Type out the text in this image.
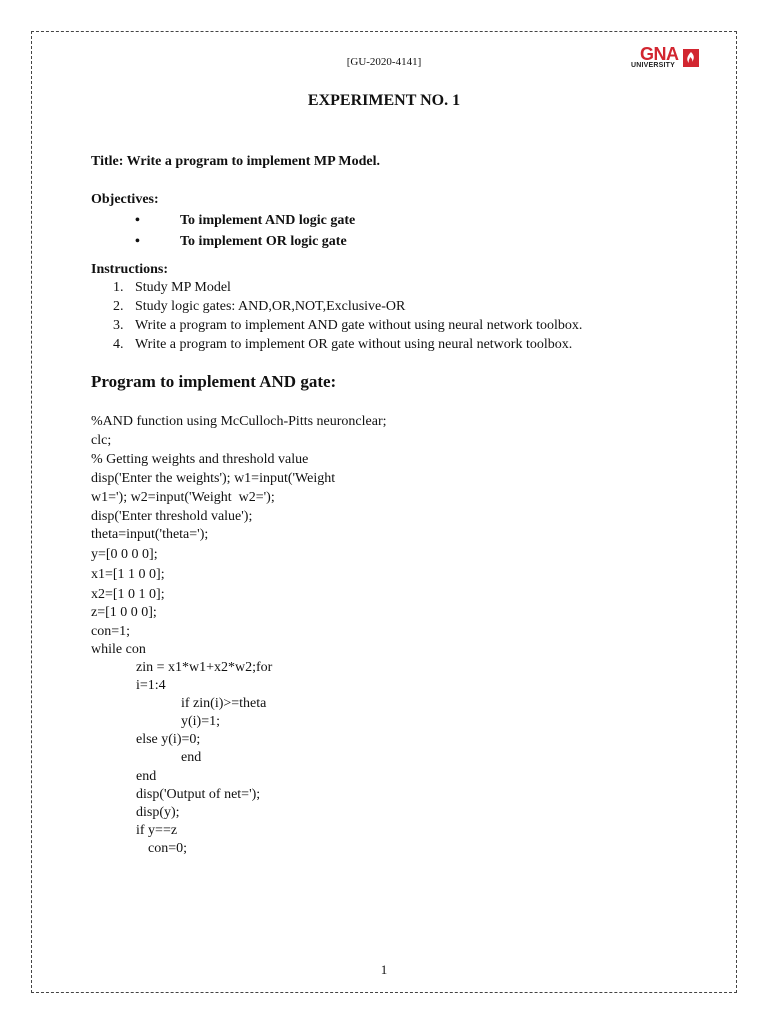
[GU-2020-4141]	GNA
UNIVERSITY
EXPERIMENT NO. 1
Title: Write a program to implement MP Model.
Objectives:
•	To implement AND logic gate
•	To implement OR logic gate
Instructions:
1. Study MP Model
2. Study logic gates: AND,OR,NOT,Exclusive-OR
3. Write a program to implement AND gate without using neural network toolbox.
4. Write a program to implement OR gate without using neural network toolbox.
Program to implement AND gate:
%AND function using McCulloch-Pitts neuronclear;
clc;
% Getting weights and threshold value
disp('Enter the weights'); w1=input('Weight
w1='); w2=input('Weight  w2=');
disp('Enter threshold value');
theta=input('theta=');
y=[0 0 0 0];
x1=[1 1 0 0];
x2=[1 0 1 0];
z=[1 0 0 0];
con=1;
while con
zin = x1*w1+x2*w2;for
i=1:4
if zin(i)>=theta
y(i)=1;
else y(i)=0;
end
end
disp('Output of net=');
disp(y);
if y==z
con=0;
1
